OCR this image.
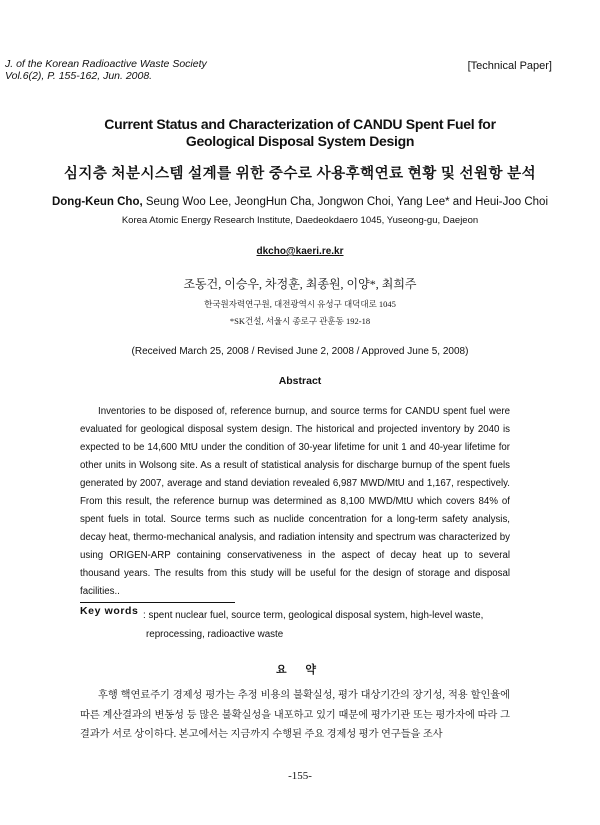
J. of the Korean Radioactive Waste Society
Vol.6(2), P. 155-162, Jun. 2008.
[Technical Paper]
Current Status and Characterization of CANDU Spent Fuel for
Geological Disposal System Design
심지층 처분시스템 설계를 위한 중수로 사용후핵연료 현황 및 선원항 분석
Dong-Keun Cho, Seung Woo Lee, JeongHun Cha, Jongwon Choi, Yang Lee* and Heui-Joo Choi
Korea Atomic Energy Research Institute, Daedeokdaero 1045, Yuseong-gu, Daejeon
dkcho@kaeri.re.kr
조동건, 이승우, 차정훈, 최종원, 이양*, 최희주
한국원자력연구원, 대전광역시 유성구 대덕대로 1045
*SK건설, 서울시 종로구 관훈동 192-18
(Received March 25, 2008 / Revised June 2, 2008 / Approved June 5, 2008)
Abstract

Inventories to be disposed of, reference burnup, and source terms for CANDU spent fuel were evaluated for geological disposal system design. The historical and projected inventory by 2040 is expected to be 14,600 MtU under the condition of 30-year lifetime for unit 1 and 40-year lifetime for other units in Wolsong site. As a result of statistical analysis for discharge burnup of the spent fuels generated by 2007, average and stand deviation revealed 6,987 MWD/MtU and 1,167, respectively. From this result, the reference burnup was determined as 8,100 MWD/MtU which covers 84% of spent fuels in total. Source terms such as nuclide concentration for a long-term safety analysis, decay heat, thermo-mechanical analysis, and radiation intensity and spectrum was characterized by using ORIGEN-ARP containing conservativeness in the aspect of decay heat up to several thousand years. The results from this study will be useful for the design of storage and disposal facilities..

Key words : spent nuclear fuel, source term, geological disposal system, high-level waste,
reprocessing, radioactive waste
요 약

후행 핵연료주기 경제성 평가는 추정 비용의 불확실성, 평가 대상기간의 장기성, 적용 할인율에 따른 계산결과의 변동성 등 많은 불확실성을 내포하고 있기 때문에 평가기관 또는 평가자에 따라 그 결과가 서로 상이하다. 본고에서는 지금까지 수행된 주요 경제성 평가 연구들을 조사

-155-
